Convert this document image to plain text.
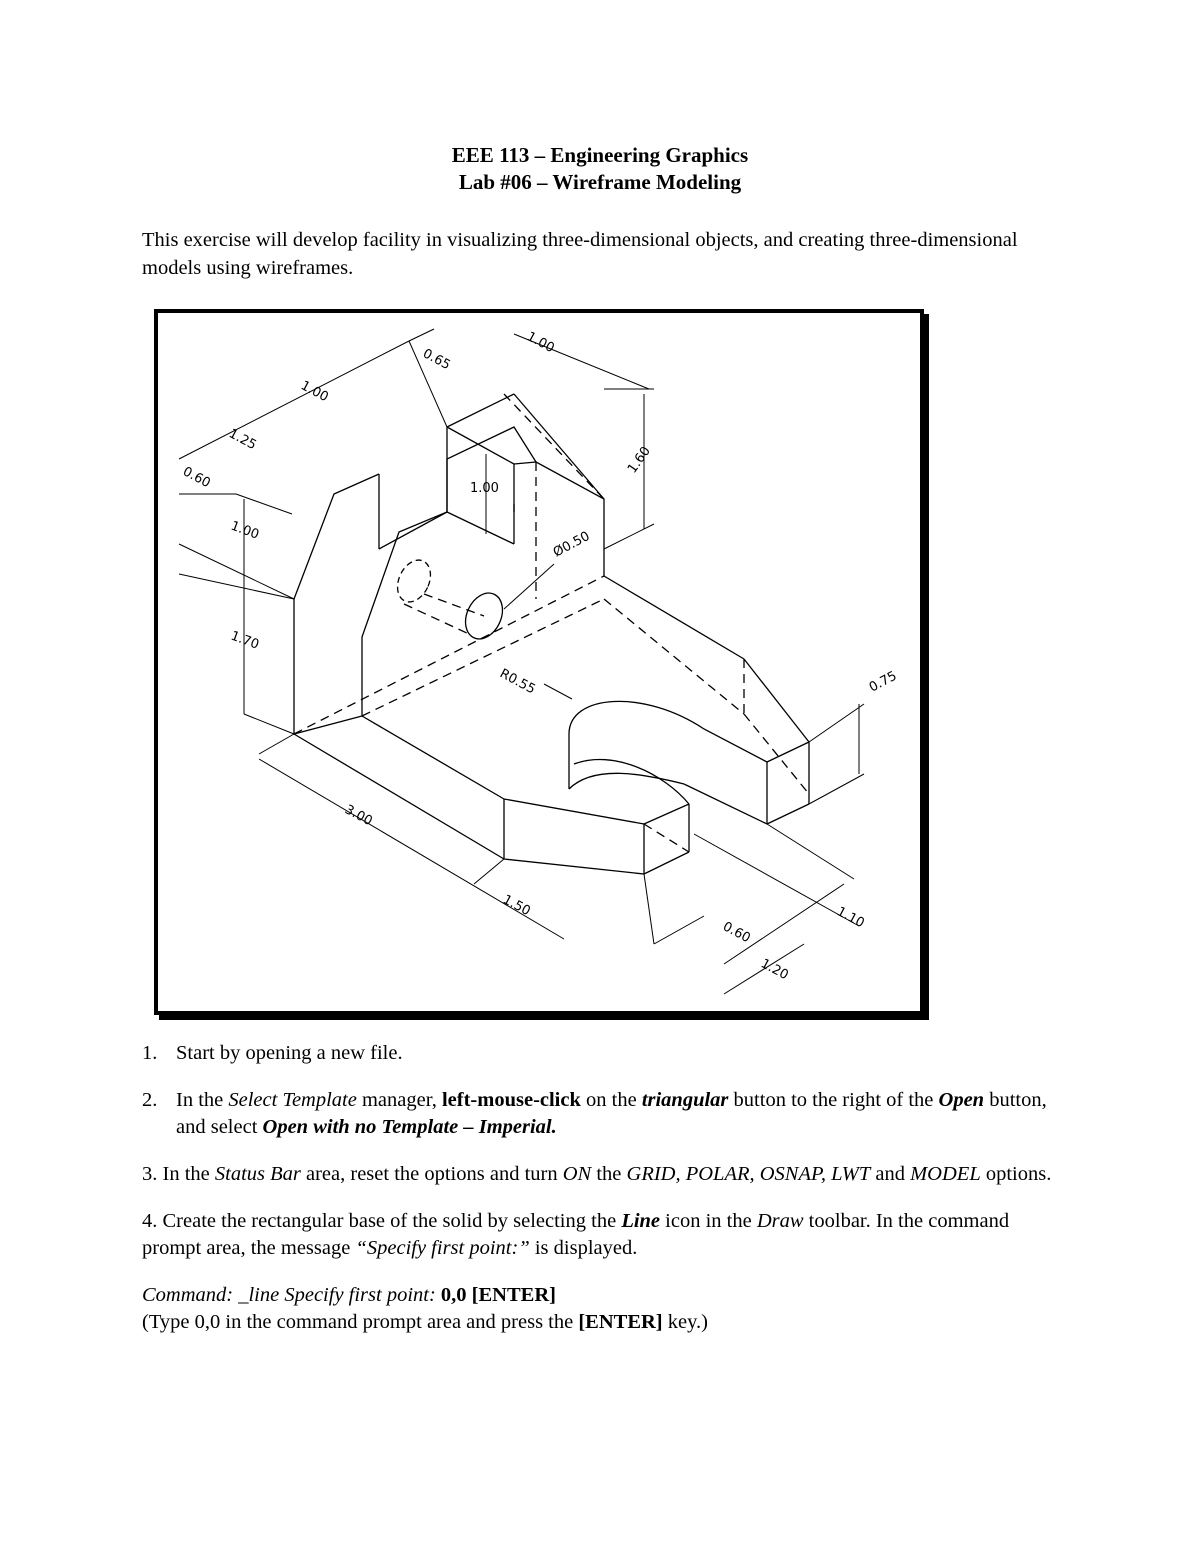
EEE 113 – Engineering Graphics
Lab #06 – Wireframe Modeling
This exercise will develop facility in visualizing three-dimensional objects, and creating three-dimensional models using wireframes.
0.65
1.00
1.00
1.25
0.60	1.00
1.00
1.60
Ø0.50
1.70
R0.55	0.75
3.00
1.50
0.60
1.10
1.20
1. Start by opening a new file.
2. In the Select Template manager, left-mouse-click on the triangular button to the right of the Open button, and select Open with no Template – Imperial.
3. In the Status Bar area, reset the options and turn ON the GRID, POLAR, OSNAP, LWT and MODEL options.
4. Create the rectangular base of the solid by selecting the Line icon in the Draw toolbar. In the command prompt area, the message “Specify first point:” is displayed.
Command: _line Specify first point: 0,0 [ENTER]
(Type 0,0 in the command prompt area and press the [ENTER] key.)
